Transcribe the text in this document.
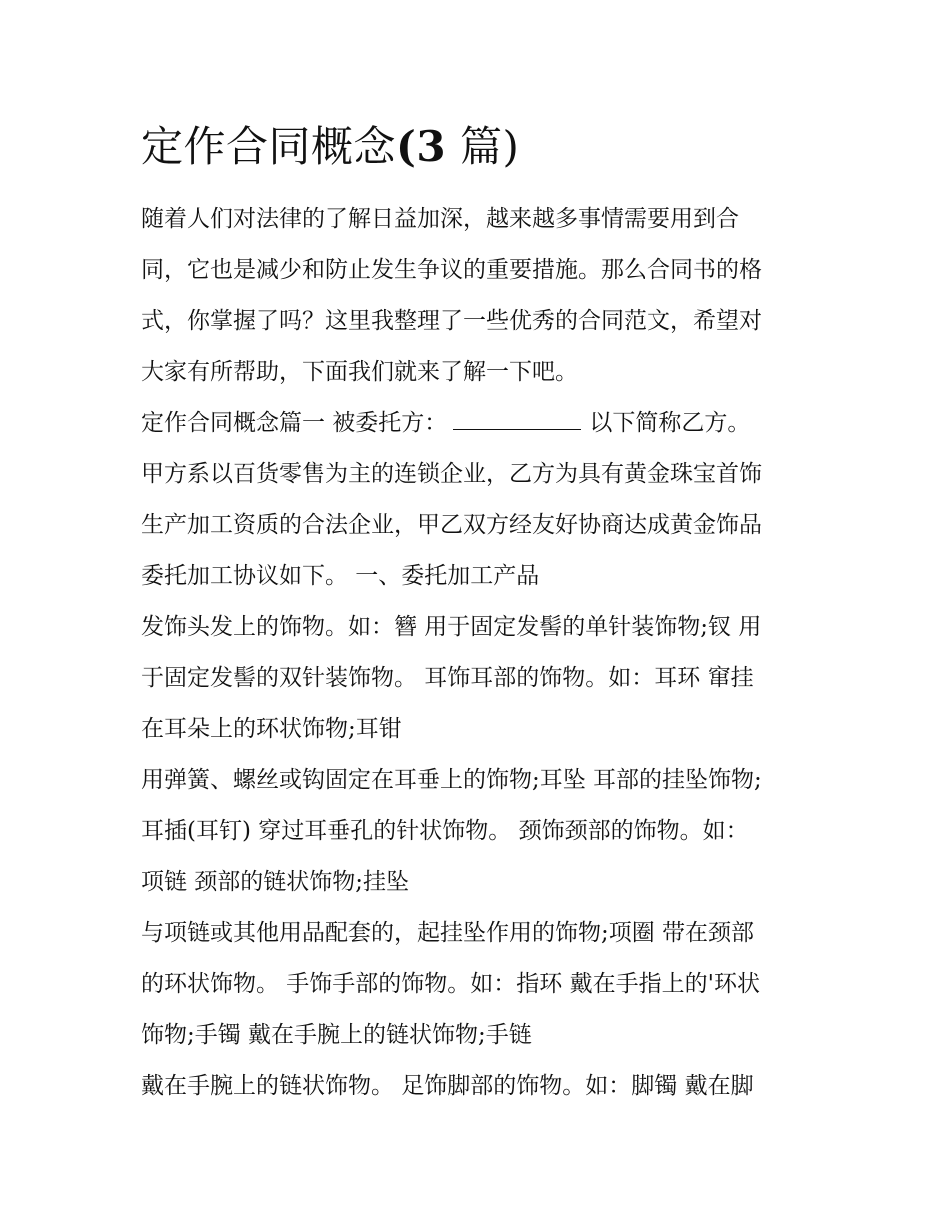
定作合同概念(3 篇)
随着人们对法律的了解日益加深，越来越多事情需要用到合
同，它也是减少和防止发生争议的重要措施。那么合同书的格
式，你掌握了吗？这里我整理了一些优秀的合同范文，希望对
大家有所帮助，下面我们就来了解一下吧。
定作合同概念篇一 被委托方：	以下简称乙方。
甲方系以百货零售为主的连锁企业，乙方为具有黄金珠宝首饰
生产加工资质的合法企业，甲乙双方经友好协商达成黄金饰品
委托加工协议如下。 一、委托加工产品
发饰头发上的饰物。如：簪 用于固定发髻的单针装饰物;钗 用
于固定发髻的双针装饰物。 耳饰耳部的饰物。如：耳环 窜挂
在耳朵上的环状饰物;耳钳
用弹簧、螺丝或钩固定在耳垂上的饰物;耳坠 耳部的挂坠饰物;
耳插(耳钉) 穿过耳垂孔的针状饰物。 颈饰颈部的饰物。如：
项链 颈部的链状饰物;挂坠
与项链或其他用品配套的，起挂坠作用的饰物;项圈 带在颈部
的环状饰物。 手饰手部的饰物。如：指环 戴在手指上的'环状
饰物;手镯 戴在手腕上的链状饰物;手链
戴在手腕上的链状饰物。 足饰脚部的饰物。如：脚镯 戴在脚
